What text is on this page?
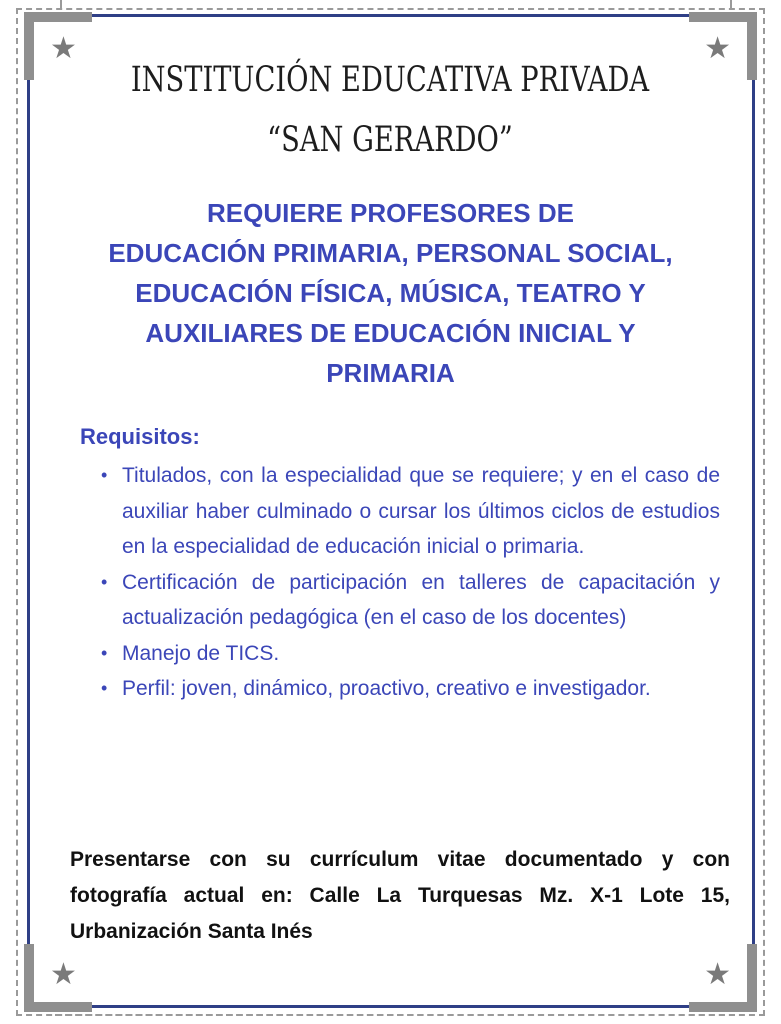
★	★
★	★
INSTITUCIÓN EDUCATIVA PRIVADA
“SAN GERARDO”
REQUIERE PROFESORES DE
EDUCACIÓN PRIMARIA, PERSONAL SOCIAL,
EDUCACIÓN FÍSICA, MÚSICA, TEATRO Y
AUXILIARES DE EDUCACIÓN INICIAL Y
PRIMARIA
Requisitos:
• Titulados, con la especialidad que se requiere; y en el caso de auxiliar haber culminado o cursar los últimos ciclos de estudios en la especialidad de educación inicial o primaria.
• Certificación de participación en talleres de capacitación y actualización pedagógica (en el caso de los docentes)
• Manejo de TICS.
• Perfil: joven, dinámico, proactivo, creativo e investigador.
Presentarse con su currículum vitae documentado y con fotografía actual en: Calle La Turquesas Mz. X-1 Lote 15, Urbanización Santa Inés
